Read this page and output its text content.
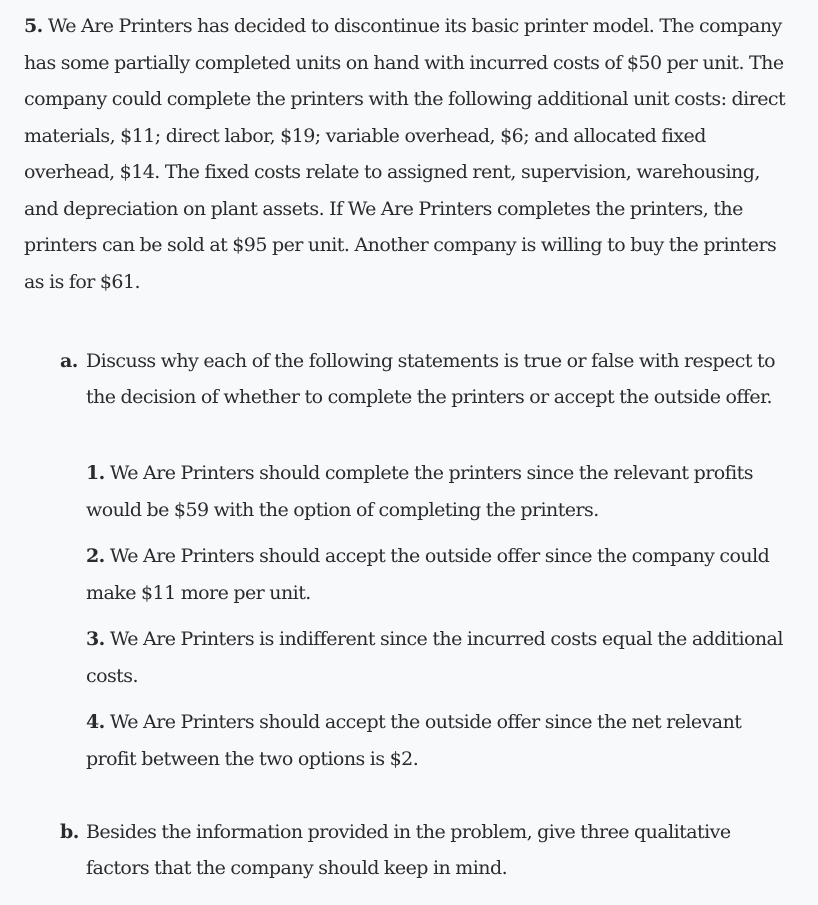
5. We Are Printers has decided to discontinue its basic printer model. The company has some partially completed units on hand with incurred costs of $50 per unit. The company could complete the printers with the following additional unit costs: direct materials, $11; direct labor, $19; variable overhead, $6; and allocated fixed overhead, $14. The fixed costs relate to assigned rent, supervision, warehousing, and depreciation on plant assets. If We Are Printers completes the printers, the printers can be sold at $95 per unit. Another company is willing to buy the printers as is for $61.

a. Discuss why each of the following statements is true or false with respect to the decision of whether to complete the printers or accept the outside offer.

1. We Are Printers should complete the printers since the relevant profits would be $59 with the option of completing the printers.

2. We Are Printers should accept the outside offer since the company could make $11 more per unit.

3. We Are Printers is indifferent since the incurred costs equal the additional costs.

4. We Are Printers should accept the outside offer since the net relevant profit between the two options is $2.

b. Besides the information provided in the problem, give three qualitative factors that the company should keep in mind.
